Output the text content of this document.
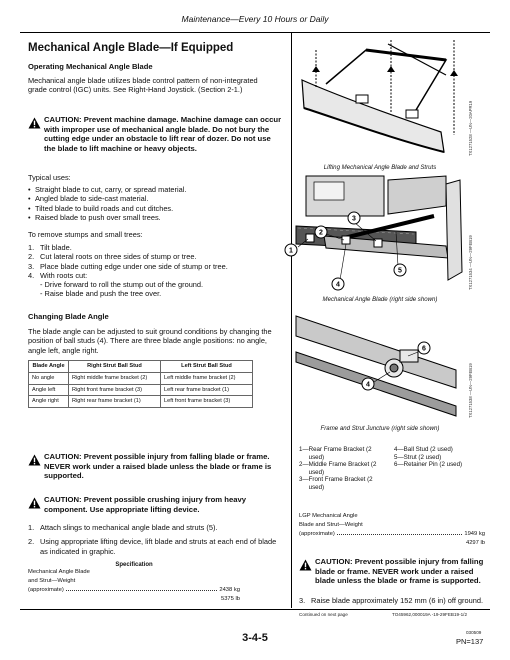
Maintenance—Every 10 Hours or Daily
Mechanical Angle Blade—If Equipped
Operating Mechanical Angle Blade
Mechanical angle blade utilizes blade control pattern of non-integrated grade control (IGC) units. See Right-Hand Joystick. (Section 2-1.)
CAUTION: Prevent machine damage. Machine damage can occur with improper use of mechanical angle blade. Do not bury the cutting edge under an obstacle to lift rear of dozer. Do not use the blade to lift machine or heavy objects.
Typical uses:
• Straight blade to cut, carry, or spread material.
• Angled blade to side-cast material.
• Tilted blade to build roads and cut ditches.
• Raised blade to push over small trees.
To remove stumps and small trees:
1. Tilt blade.
2. Cut lateral roots on three sides of stump or tree.
3. Place blade cutting edge under one side of stump or tree.
4. With roots cut:
- Drive forward to roll the stump out of the ground.
- Raise blade and push the tree over.
Changing Blade Angle
The blade angle can be adjusted to suit ground conditions by changing the position of ball studs (4). There are three blade angle positions: no angle, angle left, angle right.
Blade Angle	Right Strut Ball Stud	Left Strut Ball Stud
No angle	Right middle frame bracket (2)	Left middle frame bracket (2)
Angle left	Right front frame bracket (3)	Left rear frame bracket (1)
Angle right	Right rear frame bracket (1)	Left front frame bracket (3)
CAUTION: Prevent possible injury from falling blade or frame. NEVER work under a raised blade unless the blade or frame is supported.
CAUTION: Prevent possible crushing injury from heavy component. Use appropriate lifting device.
1. Attach slings to mechanical angle blade and struts (5).
2. Using appropriate lifting device, lift blade and struts at each end of blade as indicated in graphic.
Specification
Mechanical Angle Blade
and Strut—Weight
(approximate)	2438 kg
5375 lb
TX1271528 —UN—20APR19
Lifting Mechanical Angle Blade and Struts
1
2
3
4
5	TX1271534 —UN—29FEB19
Mechanical Angle Blade (right side shown)
4
6
TX1271538 —UN—29FEB19
Frame and Strut Juncture (right side shown)
1— Rear Frame Bracket (2 used)
2— Middle Frame Bracket (2 used)
3— Front Frame Bracket (2 used)
4— Ball Stud (2 used)
5— Strut (2 used)
6— Retainer Pin (2 used)
LGP Mechanical Angle
Blade and Strut—Weight
(approximate)	1949 kg
4297 lb
CAUTION: Prevent possible injury from falling blade or frame. NEVER work under a raised blade unless the blade or frame is supported.
3. Raise blade approximately 152 mm (6 in) off ground.
Continued on next page	TO45962,000019A -19-29FEB19-1/2
3-4-5	030509
PN=137
